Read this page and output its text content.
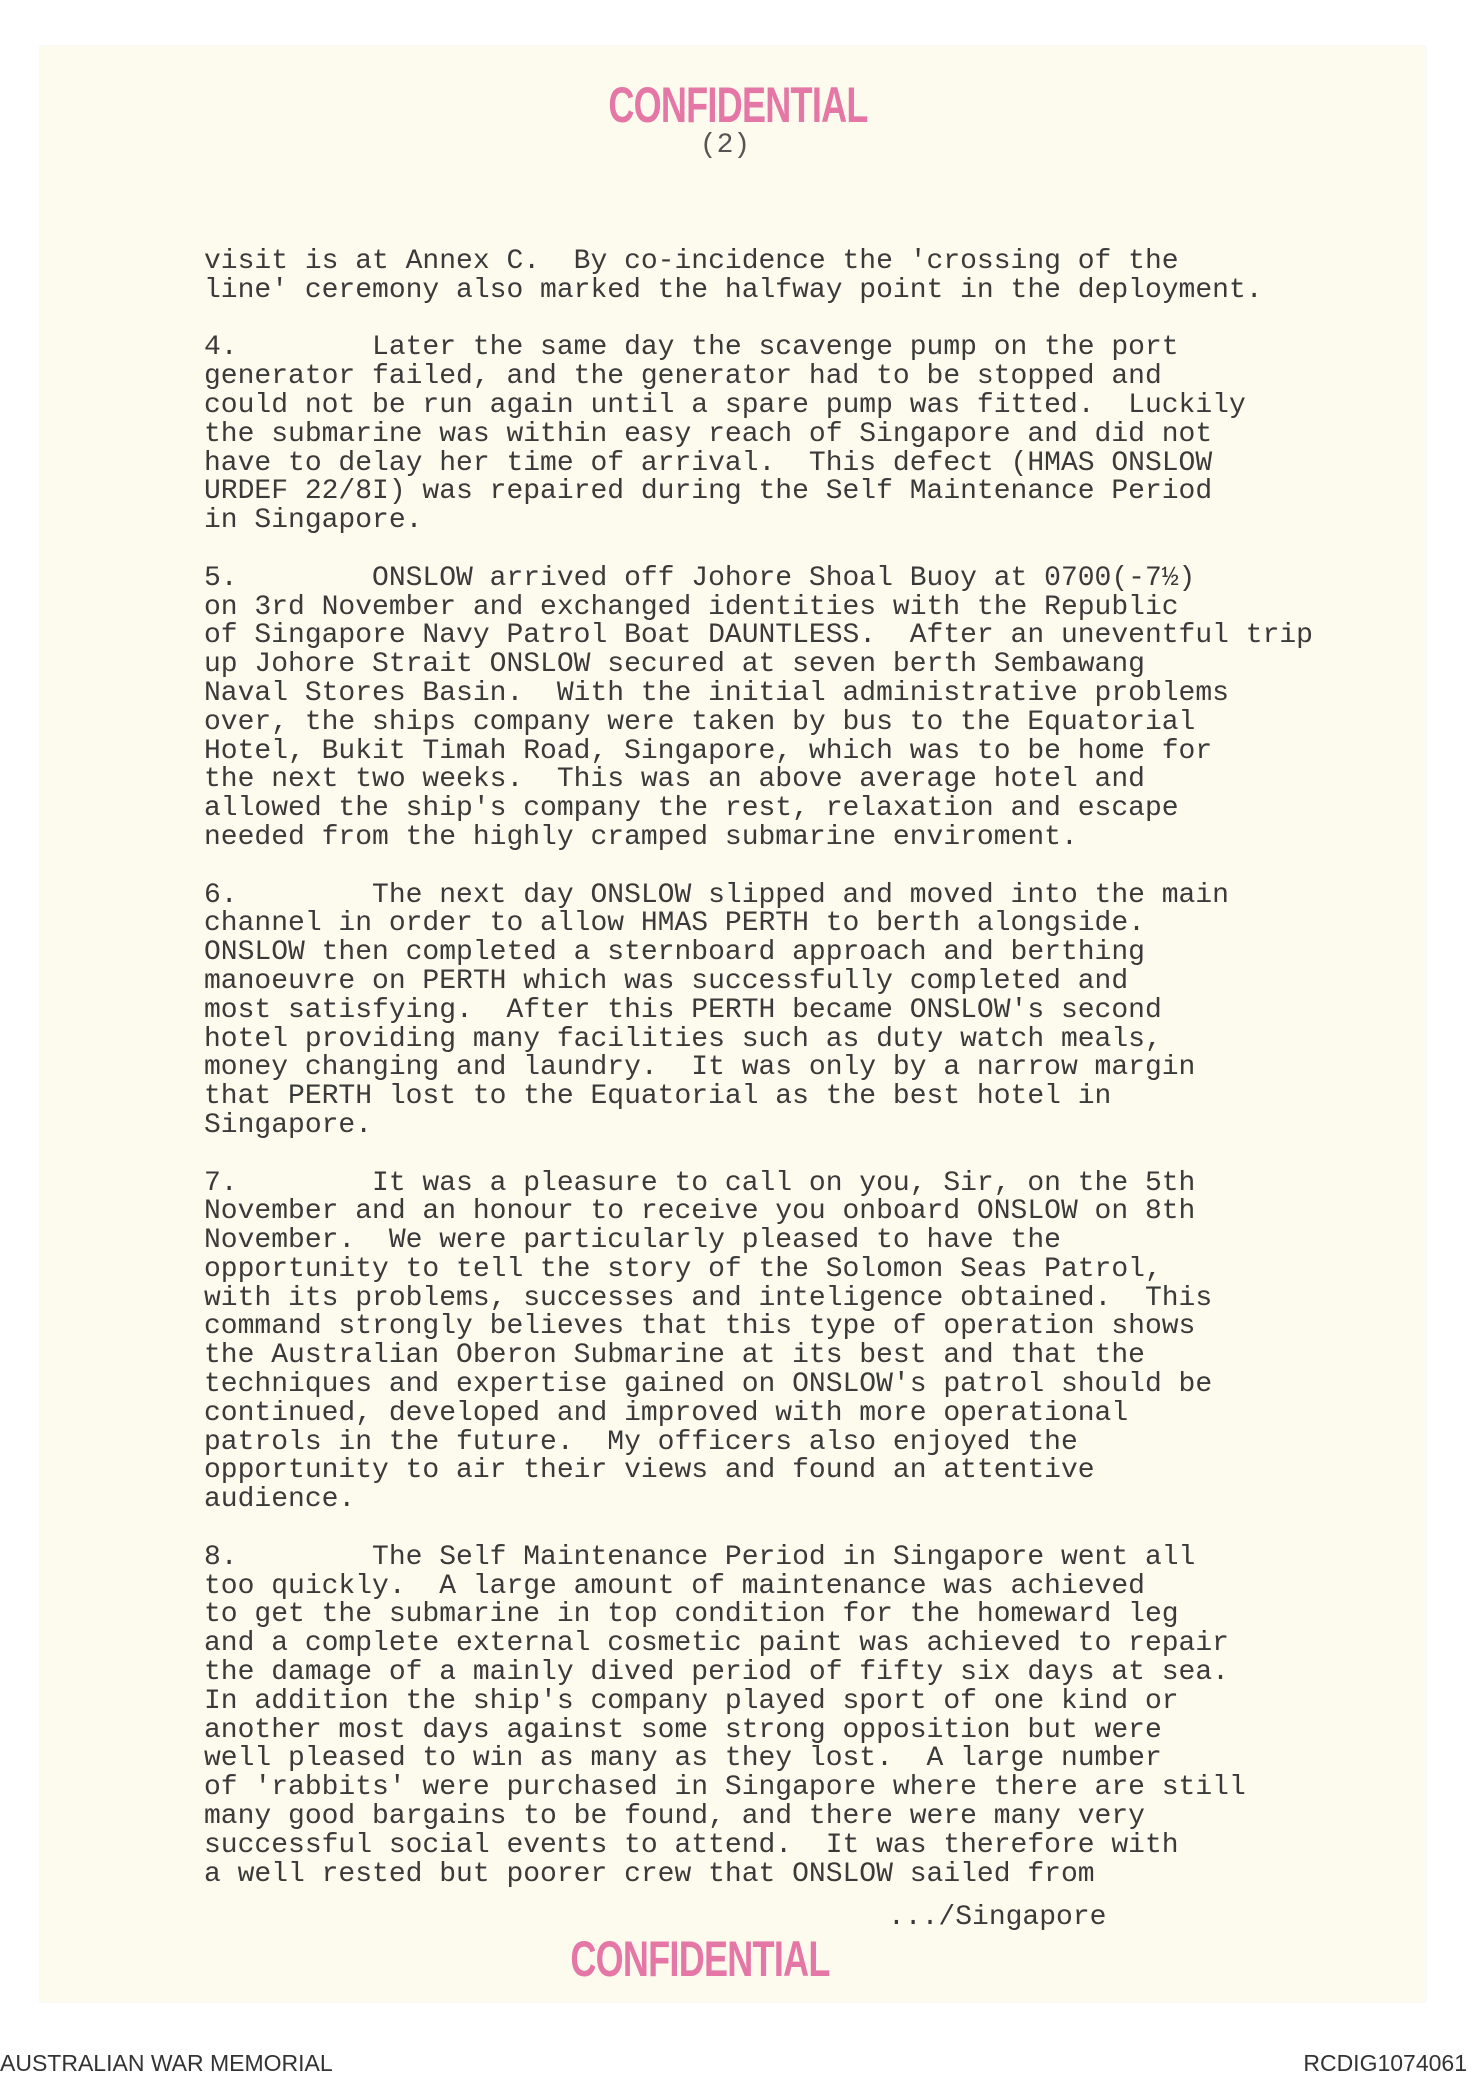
CONFIDENTIAL
(2)
visit is at Annex C.  By co-incidence the 'crossing of the
line' ceremony also marked the halfway point in the deployment.
4.        Later the same day the scavenge pump on the port
generator failed, and the generator had to be stopped and
could not be run again until a spare pump was fitted.  Luckily
the submarine was within easy reach of Singapore and did not
have to delay her time of arrival.  This defect (HMAS ONSLOW
URDEF 22/8I) was repaired during the Self Maintenance Period
in Singapore.
5.        ONSLOW arrived off Johore Shoal Buoy at 0700(-7½)
on 3rd November and exchanged identities with the Republic
of Singapore Navy Patrol Boat DAUNTLESS.  After an uneventful trip
up Johore Strait ONSLOW secured at seven berth Sembawang
Naval Stores Basin.  With the initial administrative problems
over, the ships company were taken by bus to the Equatorial
Hotel, Bukit Timah Road, Singapore, which was to be home for
the next two weeks.  This was an above average hotel and
allowed the ship's company the rest, relaxation and escape
needed from the highly cramped submarine enviroment.
6.        The next day ONSLOW slipped and moved into the main
channel in order to allow HMAS PERTH to berth alongside.
ONSLOW then completed a sternboard approach and berthing
manoeuvre on PERTH which was successfully completed and
most satisfying.  After this PERTH became ONSLOW's second
hotel providing many facilities such as duty watch meals,
money changing and laundry.  It was only by a narrow margin
that PERTH lost to the Equatorial as the best hotel in
Singapore.
7.        It was a pleasure to call on you, Sir, on the 5th
November and an honour to receive you onboard ONSLOW on 8th
November.  We were particularly pleased to have the
opportunity to tell the story of the Solomon Seas Patrol,
with its problems, successes and inteligence obtained.  This
command strongly believes that this type of operation shows
the Australian Oberon Submarine at its best and that the
techniques and expertise gained on ONSLOW's patrol should be
continued, developed and improved with more operational
patrols in the future.  My officers also enjoyed the
opportunity to air their views and found an attentive
audience.
8.        The Self Maintenance Period in Singapore went all
too quickly.  A large amount of maintenance was achieved
to get the submarine in top condition for the homeward leg
and a complete external cosmetic paint was achieved to repair
the damage of a mainly dived period of fifty six days at sea.
In addition the ship's company played sport of one kind or
another most days against some strong opposition but were
well pleased to win as many as they lost.  A large number
of 'rabbits' were purchased in Singapore where there are still
many good bargains to be found, and there were many very
successful social events to attend.  It was therefore with
a well rested but poorer crew that ONSLOW sailed from
.../Singapore
CONFIDENTIAL
AUSTRALIAN WAR MEMORIAL	RCDIG1074061
